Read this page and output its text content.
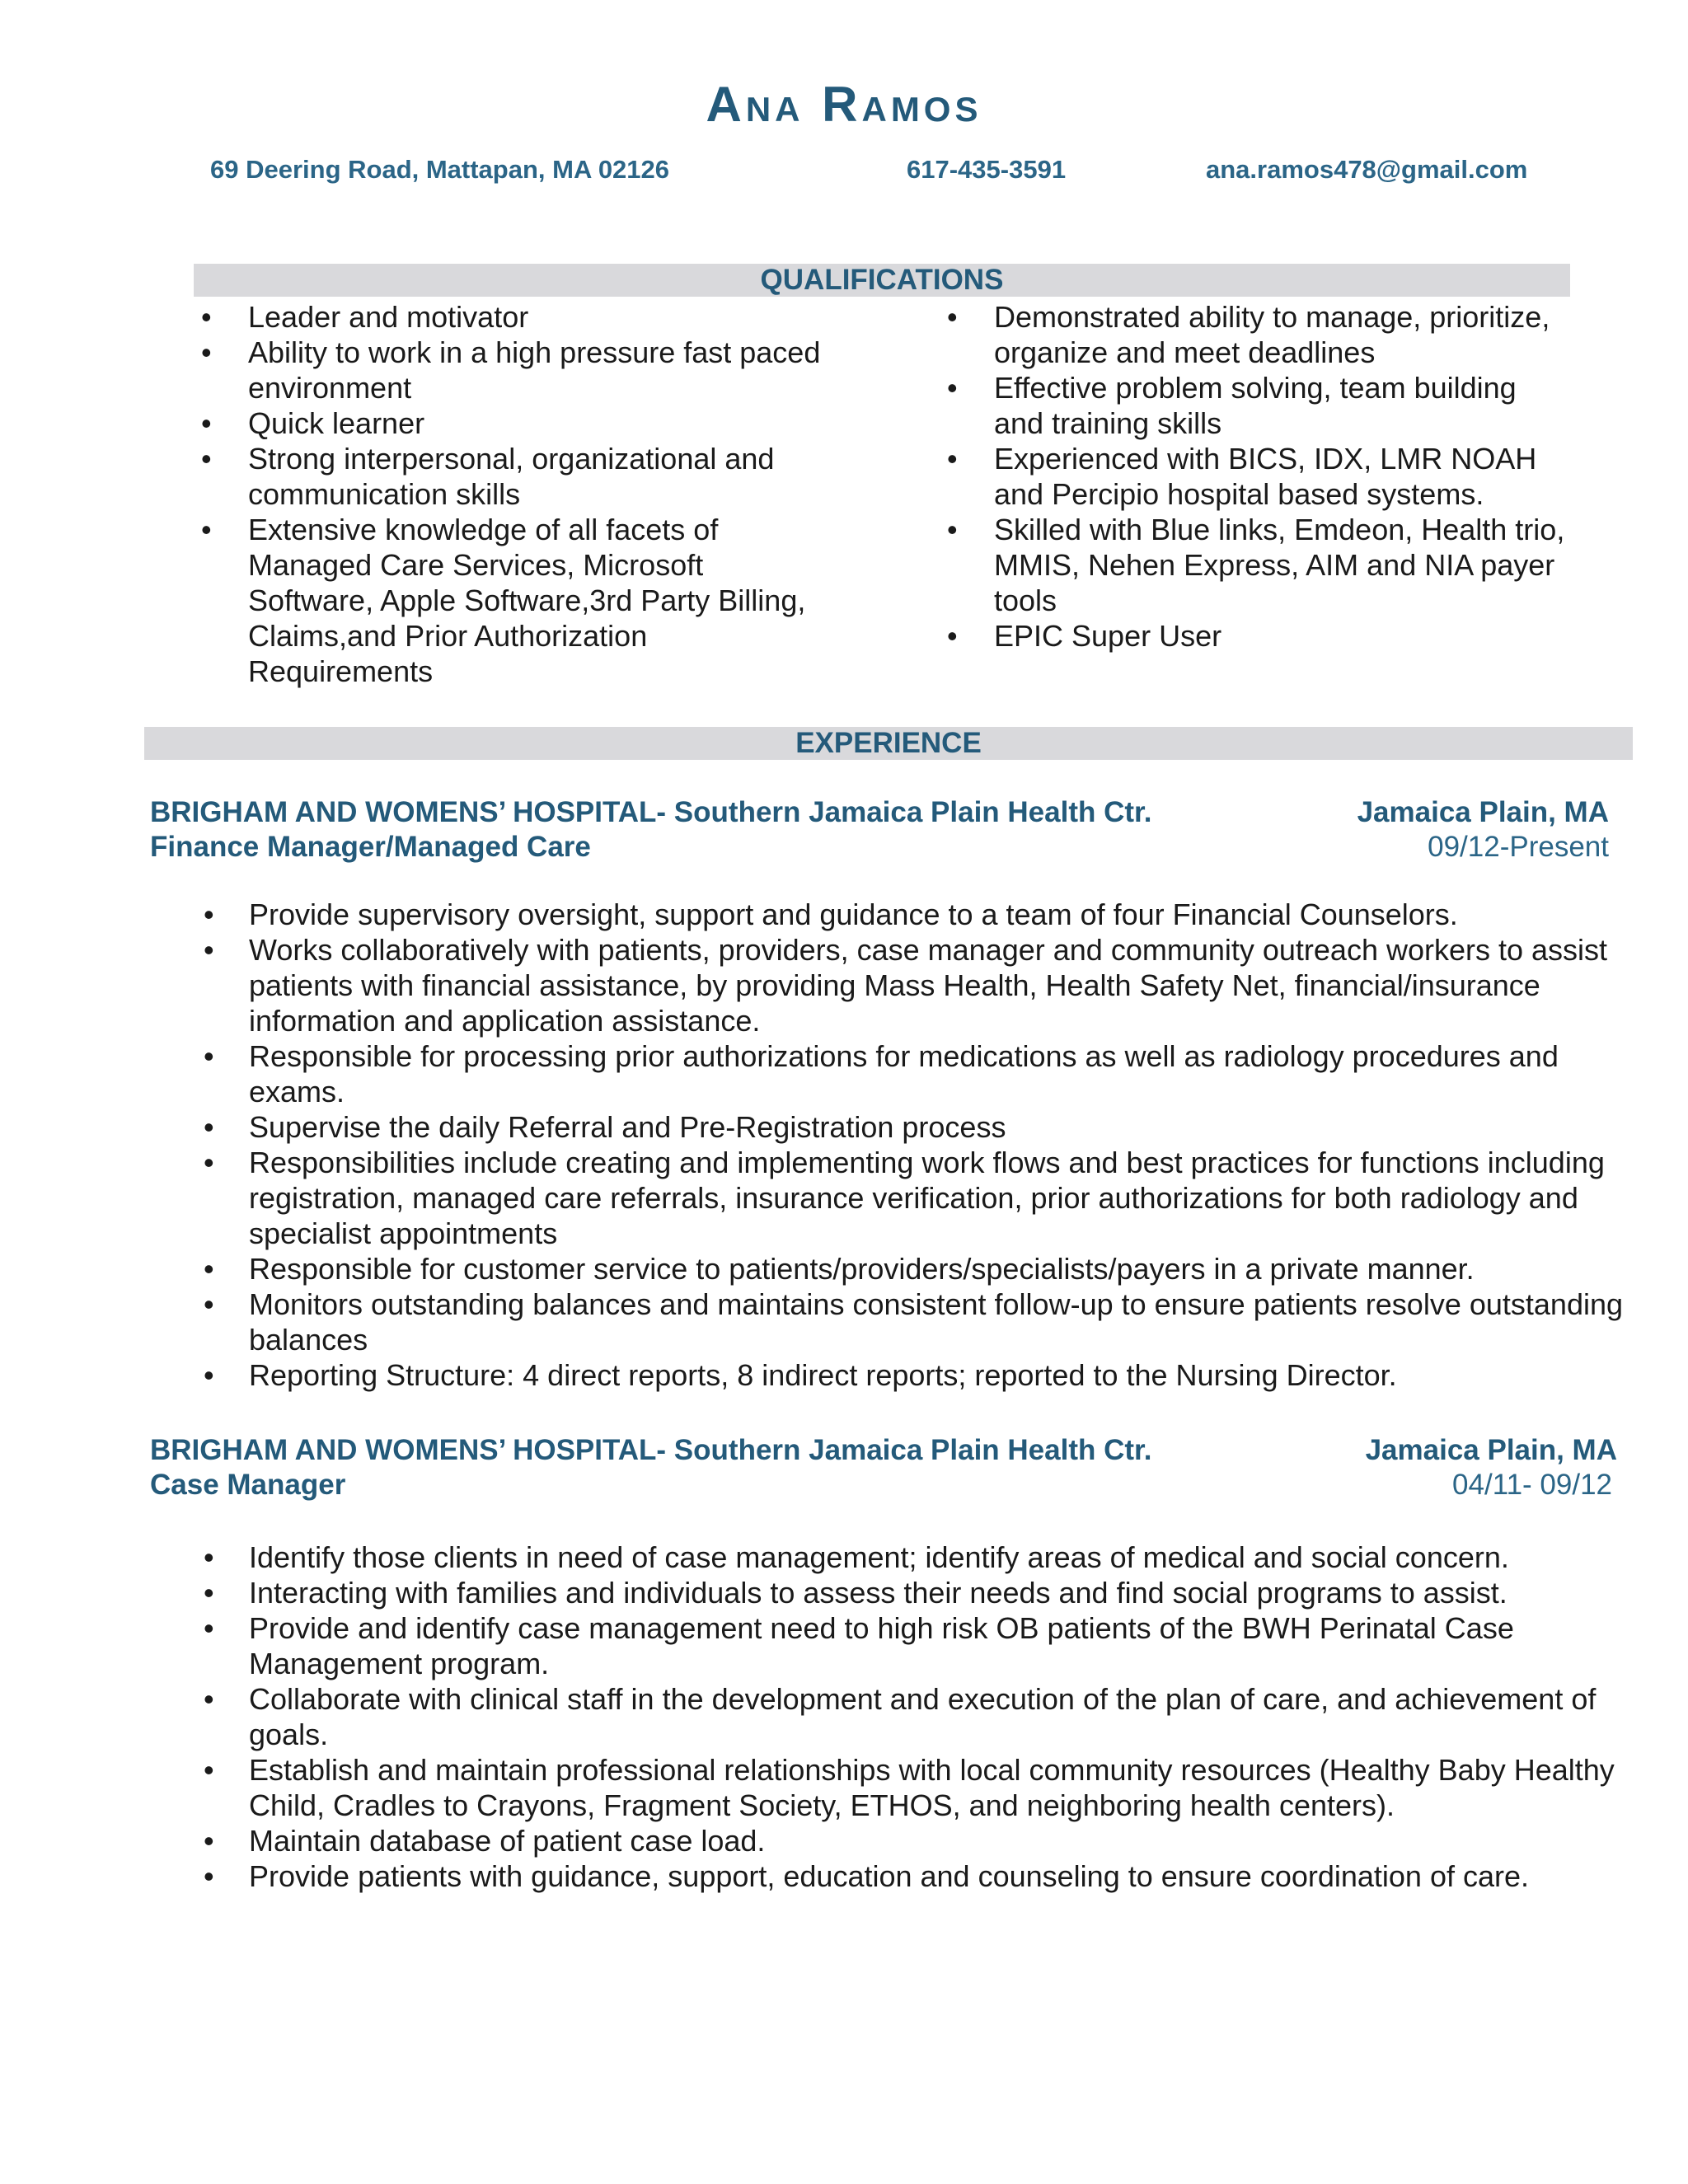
Ana Ramos
69 Deering Road, Mattapan, MA 02126	617-435-3591	ana.ramos478@gmail.com
QUALIFICATIONS
• Leader and motivator
• Ability to work in a high pressure fast paced environment
• Quick learner
• Strong interpersonal, organizational and communication skills
• Extensive knowledge of all facets of Managed Care Services, Microsoft Software, Apple Software,3rd Party Billing, Claims,and Prior Authorization Requirements
• Demonstrated ability to manage, prioritize, organize and meet deadlines
• Effective problem solving, team building and training skills
• Experienced with BICS, IDX, LMR NOAH and Percipio hospital based systems.
• Skilled with Blue links, Emdeon, Health trio, MMIS, Nehen Express, AIM and NIA payer tools
• EPIC Super User
EXPERIENCE
BRIGHAM AND WOMENS’ HOSPITAL- Southern Jamaica Plain Health Ctr.	Jamaica Plain, MA
Finance Manager/Managed Care	09/12-Present
• Provide supervisory oversight, support and guidance to a team of four Financial Counselors.
• Works collaboratively with patients, providers, case manager and community outreach workers to assist patients with financial assistance, by providing Mass Health, Health Safety Net, financial/insurance information and application assistance.
• Responsible for processing prior authorizations for medications as well as radiology procedures and exams.
• Supervise the daily Referral and Pre-Registration process
• Responsibilities include creating and implementing work flows and best practices for functions including registration, managed care referrals, insurance verification, prior authorizations for both radiology and specialist appointments
• Responsible for customer service to patients/providers/specialists/payers in a private manner.
• Monitors outstanding balances and maintains consistent follow-up to ensure patients resolve outstanding balances
• Reporting Structure: 4 direct reports, 8 indirect reports; reported to the Nursing Director.
BRIGHAM AND WOMENS’ HOSPITAL- Southern Jamaica Plain Health Ctr.	Jamaica Plain, MA
Case Manager	04/11- 09/12
• Identify those clients in need of case management; identify areas of medical and social concern.
• Interacting with families and individuals to assess their needs and find social programs to assist.
• Provide and identify case management need to high risk OB patients of the BWH Perinatal Case Management program.
• Collaborate with clinical staff in the development and execution of the plan of care, and achievement of goals.
• Establish and maintain professional relationships with local community resources (Healthy Baby Healthy Child, Cradles to Crayons, Fragment Society, ETHOS, and neighboring health centers).
• Maintain database of patient case load.
• Provide patients with guidance, support, education and counseling to ensure coordination of care.
